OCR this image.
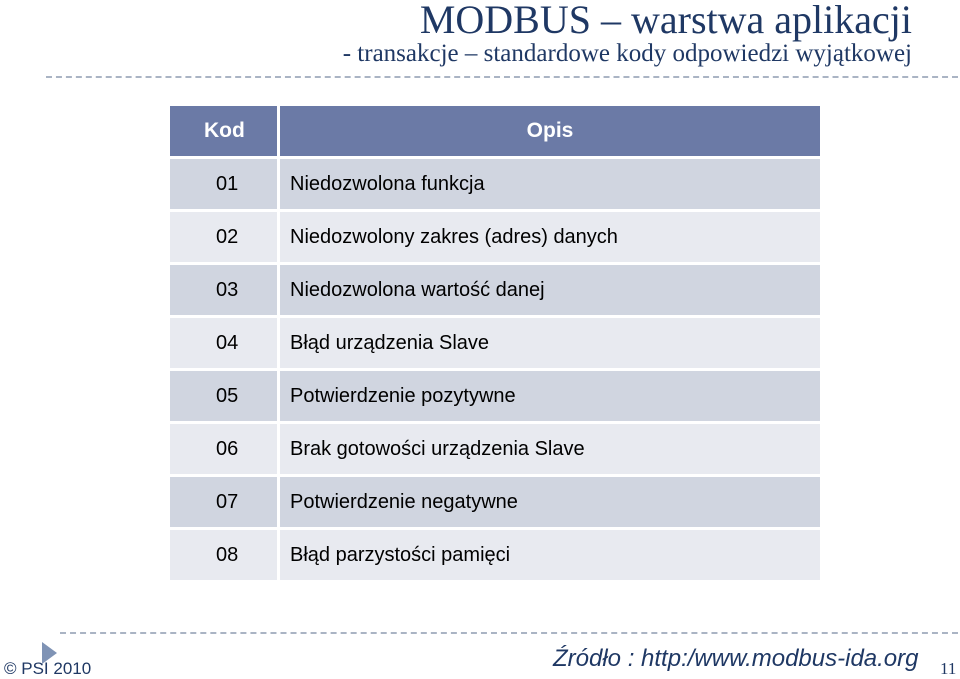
MODBUS – warstwa aplikacji
- transakcje – standardowe kody odpowiedzi wyjątkowej
Kod	Opis
01	Niedozwolona funkcja
02	Niedozwolony zakres (adres) danych
03	Niedozwolona wartość danej
04	Błąd urządzenia Slave
05	Potwierdzenie pozytywne
06	Brak gotowości urządzenia Slave
07	Potwierdzenie negatywne
08	Błąd parzystości pamięci
© PSI 2010	Źródło : http:/www.modbus-ida.org 11
